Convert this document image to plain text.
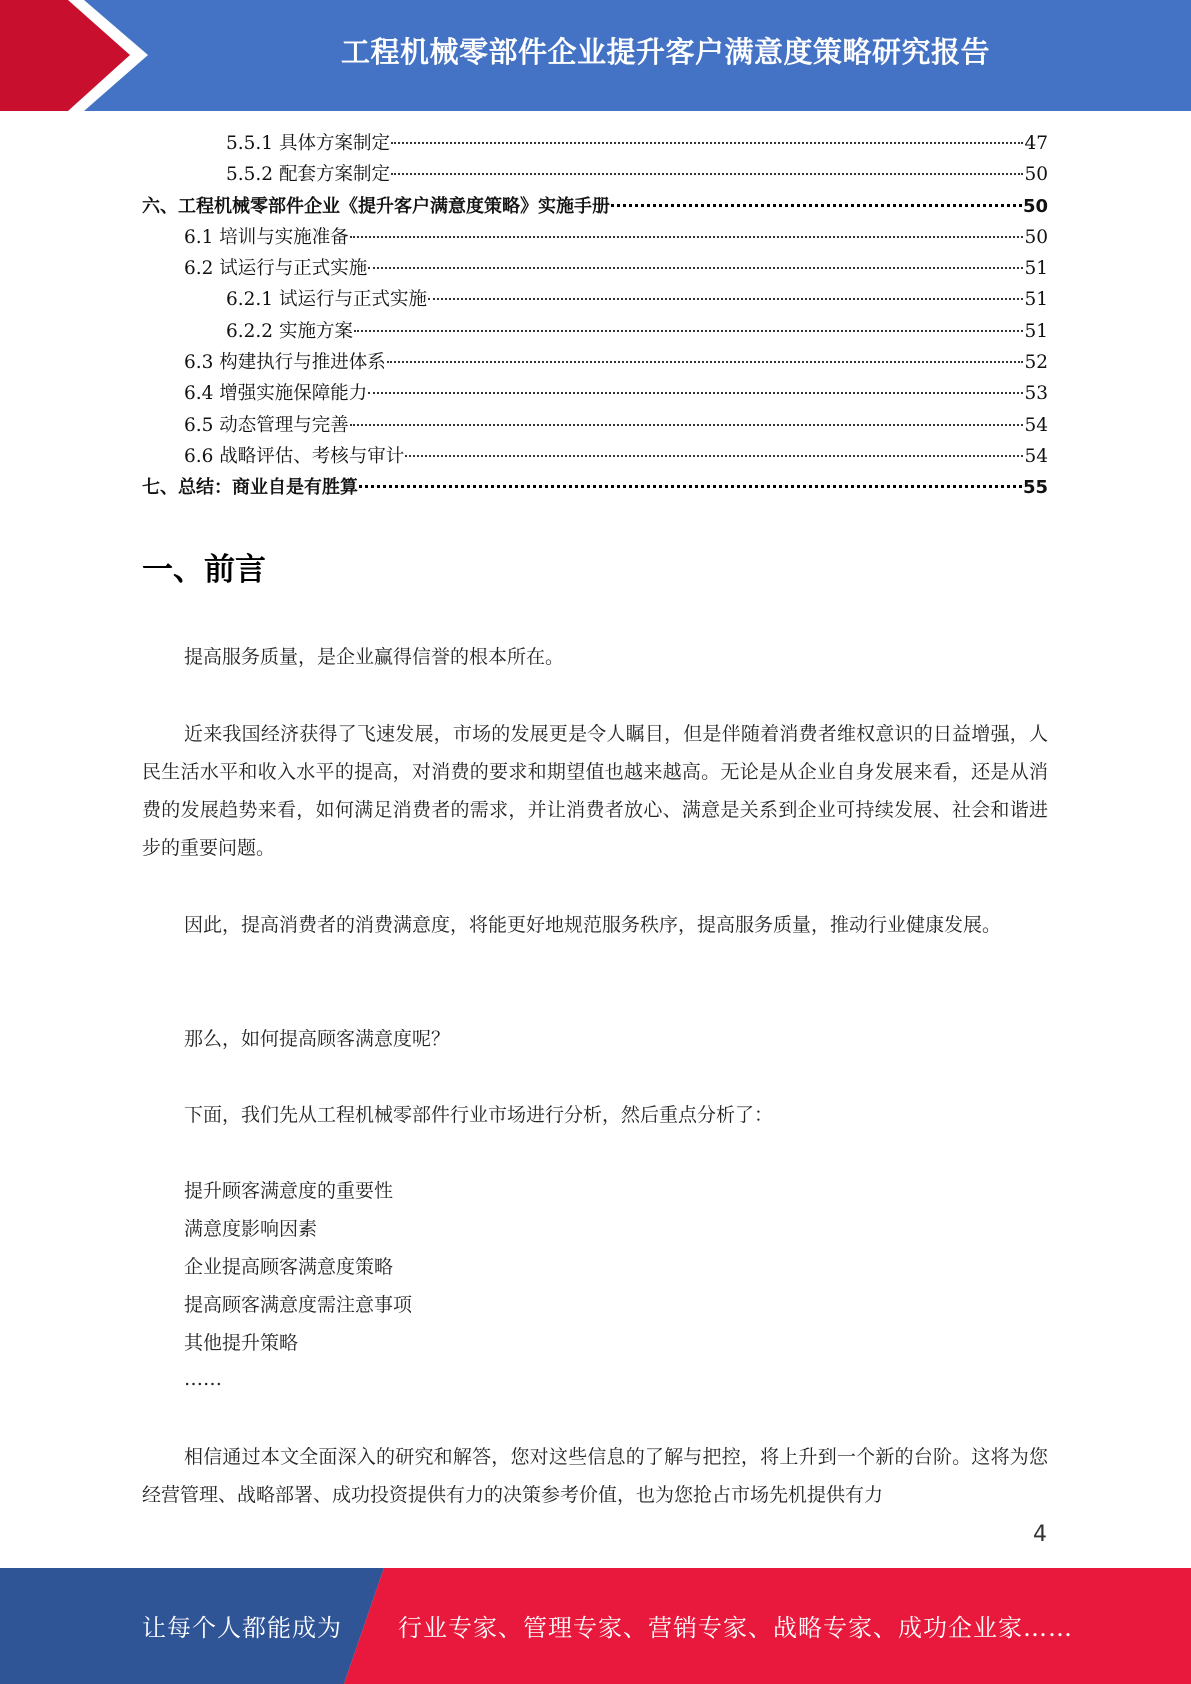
工程机械零部件企业提升客户满意度策略研究报告
5.5.1 具体方案制定	47
5.5.2 配套方案制定	50
六、工程机械零部件企业《提升客户满意度策略》实施手册	50
6.1 培训与实施准备	50
6.2 试运行与正式实施	51
6.2.1 试运行与正式实施	51
6.2.2 实施方案	51
6.3 构建执行与推进体系	52
6.4 增强实施保障能力	53
6.5 动态管理与完善	54
6.6 战略评估、考核与审计	54
七、总结：商业自是有胜算	55
一、前言

提高服务质量，是企业赢得信誉的根本所在。

近来我国经济获得了飞速发展，市场的发展更是令人瞩目，但是伴随着消费者维权意识的日益增强，人民生活水平和收入水平的提高，对消费的要求和期望值也越来越高。无论是从企业自身发展来看，还是从消费的发展趋势来看，如何满足消费者的需求，并让消费者放心、满意是关系到企业可持续发展、社会和谐进步的重要问题。

因此，提高消费者的消费满意度，将能更好地规范服务秩序，提高服务质量，推动行业健康发展。

那么，如何提高顾客满意度呢？

下面，我们先从工程机械零部件行业市场进行分析，然后重点分析了：

提升顾客满意度的重要性
满意度影响因素
企业提高顾客满意度策略
提高顾客满意度需注意事项
其他提升策略
……

相信通过本文全面深入的研究和解答，您对这些信息的了解与把控，将上升到一个新的台阶。这将为您经营管理、战略部署、成功投资提供有力的决策参考价值，也为您抢占市场先机提供有力

4
让每个人都能成为 行业专家、管理专家、营销专家、战略专家、成功企业家……
